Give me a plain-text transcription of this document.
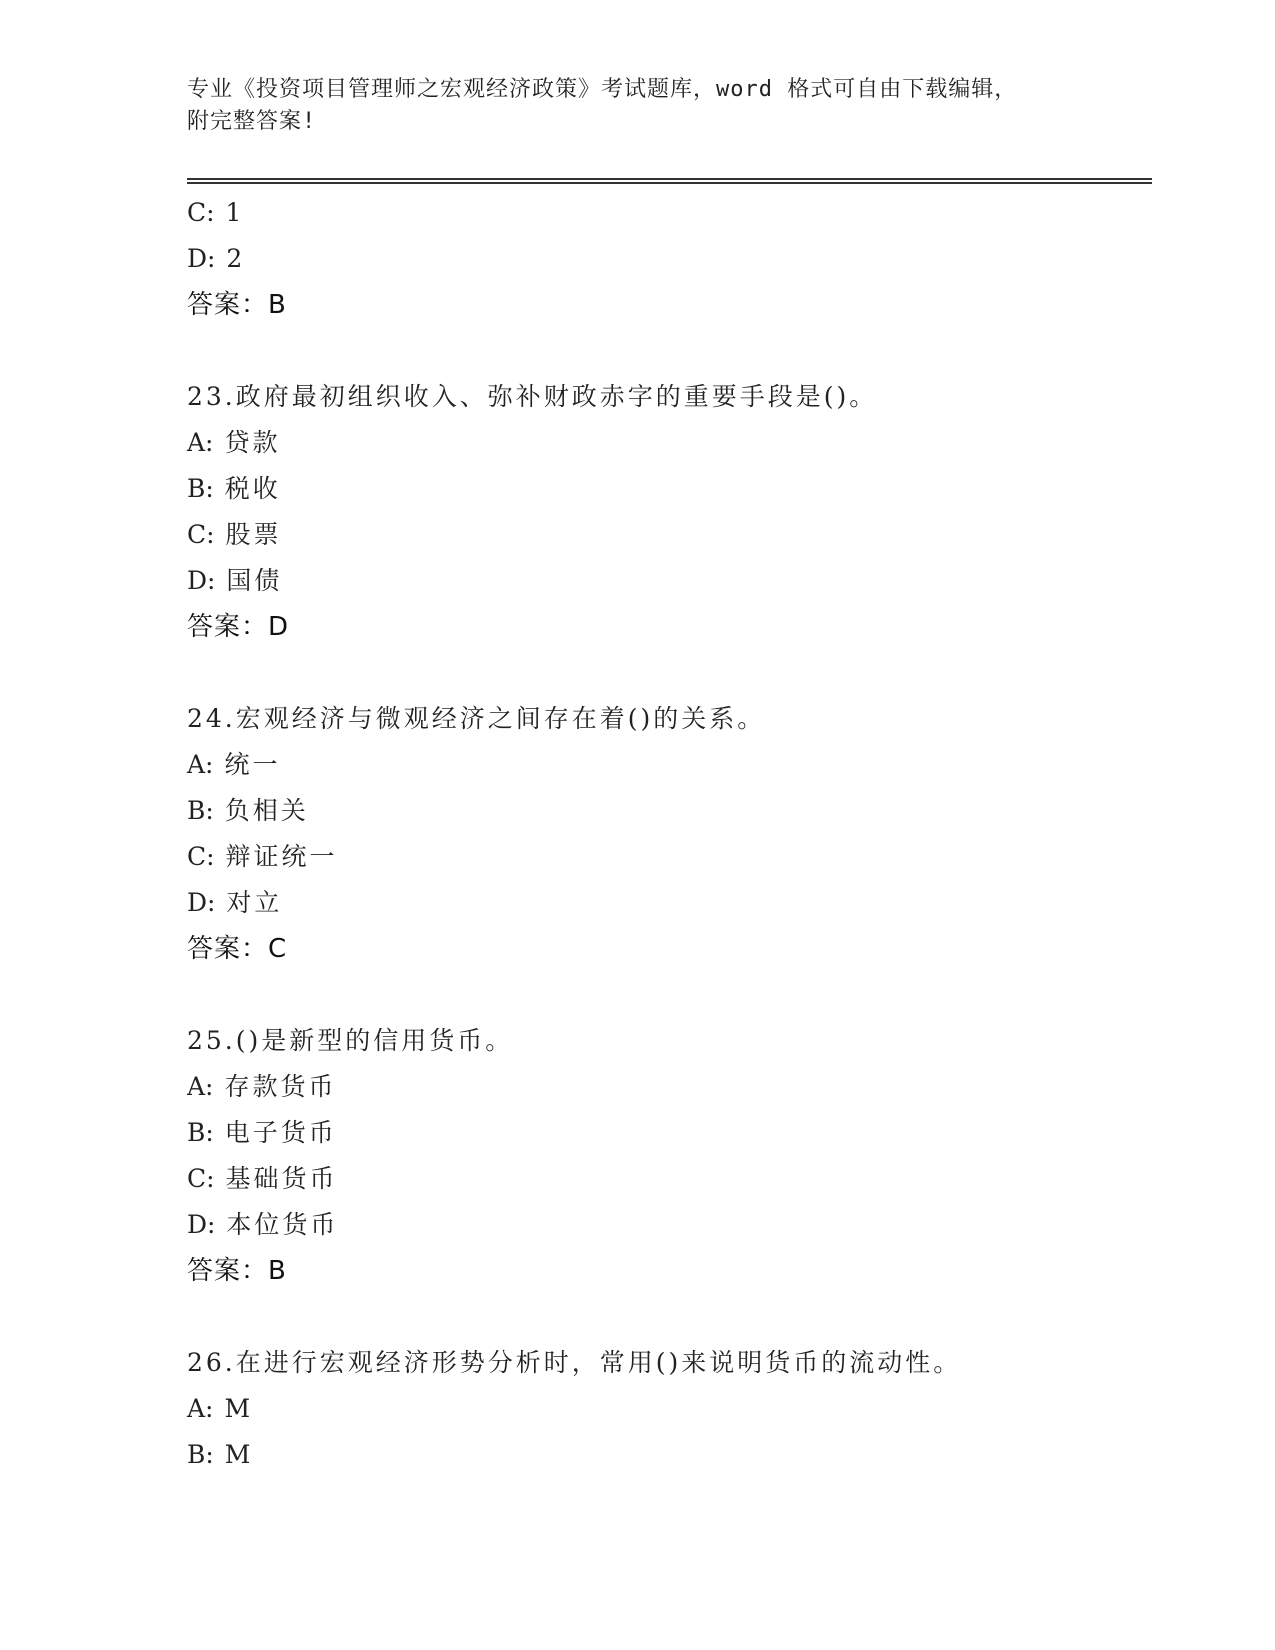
专业《投资项目管理师之宏观经济政策》考试题库，word 格式可自由下载编辑，
附完整答案!
C: 1
D: 2
答案：B
23.政府最初组织收入、弥补财政赤字的重要手段是()。
A: 贷款
B: 税收
C: 股票
D: 国债
答案：D
24.宏观经济与微观经济之间存在着()的关系。
A: 统一
B: 负相关
C: 辩证统一
D: 对立
答案：C
25.()是新型的信用货币。
A: 存款货币
B: 电子货币
C: 基础货币
D: 本位货币
答案：B
26.在进行宏观经济形势分析时，常用()来说明货币的流动性。
A: M
B: M
